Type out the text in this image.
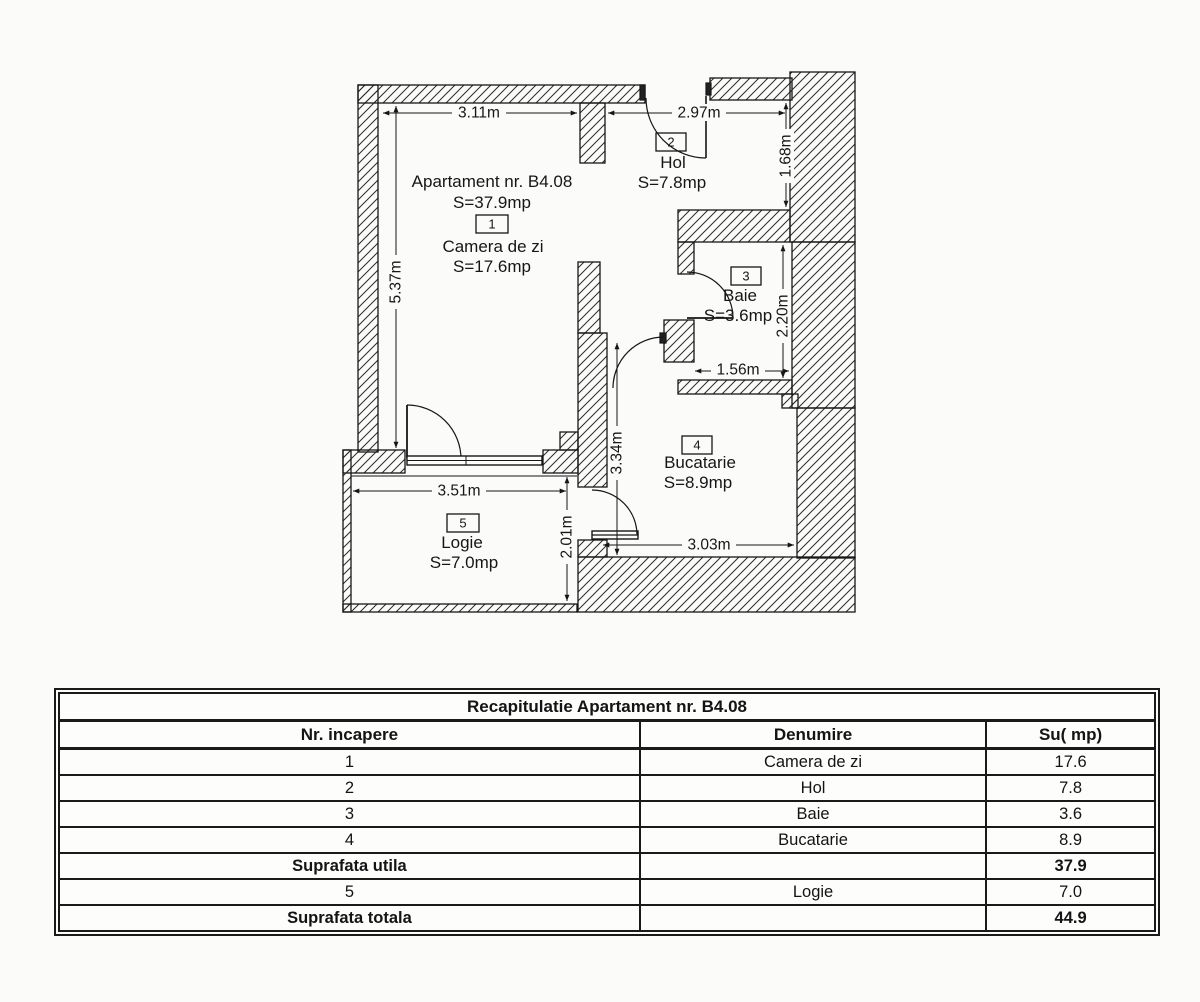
3.11m	2.97m
1.68m
5.37m
2.20m
1.56m
3.34m
3.51m
2.01m	3.03m
Apartament nr. B4.08
S=37.9mp
1
Camera de zi
S=17.6mp
2
Hol
S=7.8mp
3
Baie
S=3.6mp
4
Bucatarie
S=8.9mp
5
Logie
S=7.0mp
Recapitulatie Apartament nr. B4.08		
Nr. incapere	Denumire	Su( mp)
1	Camera de zi	17.6
2	Hol	7.8
3	Baie	3.6
4	Bucatarie	8.9
Suprafata utila		37.9
5	Logie	7.0
Suprafata totala		44.9
